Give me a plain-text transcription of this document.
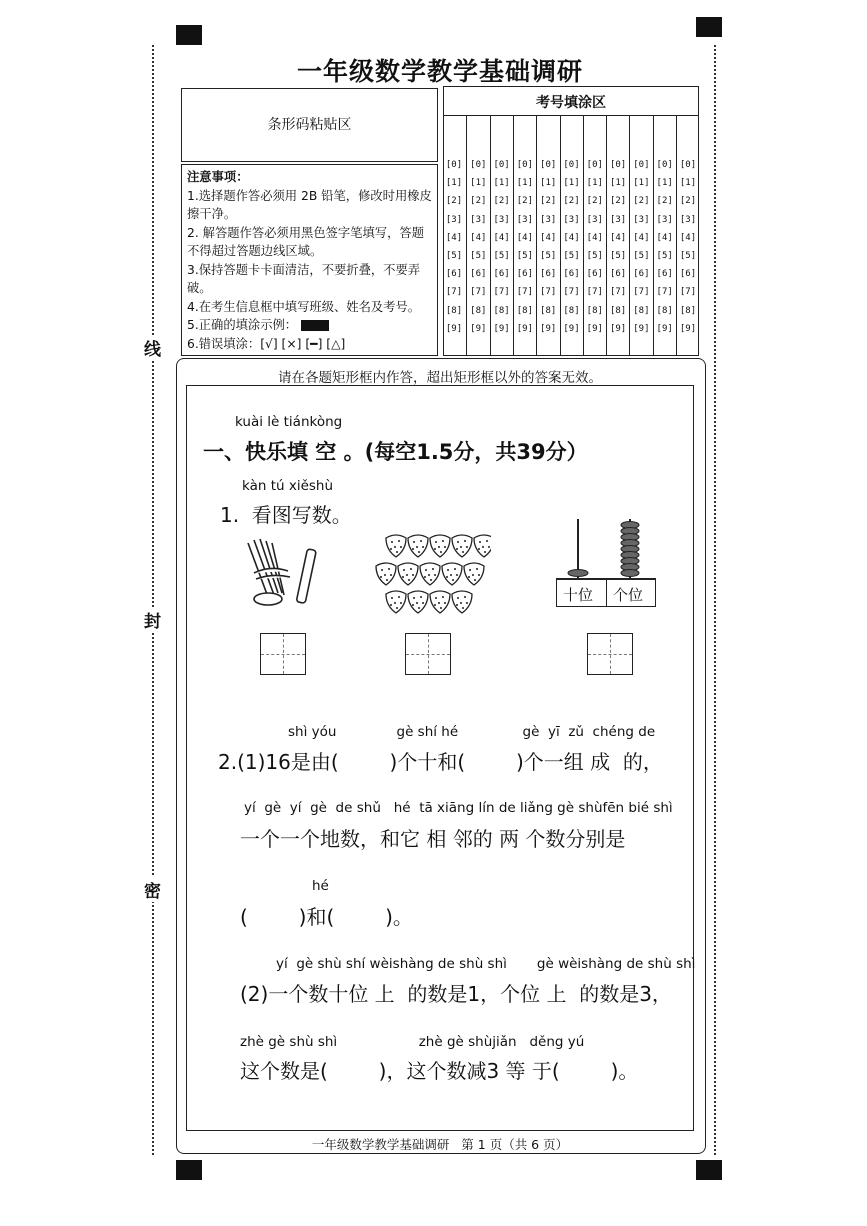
线
封
密
一年级数学教学基础调研
条形码粘贴区
注意事项：
1.选择题作答必须用 2B 铅笔，修改时用橡皮擦干净。
2. 解答题作答必须用黑色签字笔填写，答题不得超过答题边线区域。
3.保持答题卡卡面清洁，不要折叠，不要弄破。
4.在考生信息框中填写班级、姓名及考号。
5.正确的填涂示例：
6.错误填涂：[√] [×] [━] [△]
考号填涂区
[0]
[1]
[2]
[3]
[4]
[5]
[6]
[7]
[8]
[9]
[0]
[1]
[2]
[3]
[4]
[5]
[6]
[7]
[8]
[9]
[0]
[1]
[2]
[3]
[4]
[5]
[6]
[7]
[8]
[9]
[0]
[1]
[2]
[3]
[4]
[5]
[6]
[7]
[8]
[9]
[0]
[1]
[2]
[3]
[4]
[5]
[6]
[7]
[8]
[9]
[0]
[1]
[2]
[3]
[4]
[5]
[6]
[7]
[8]
[9]
[0]
[1]
[2]
[3]
[4]
[5]
[6]
[7]
[8]
[9]
[0]
[1]
[2]
[3]
[4]
[5]
[6]
[7]
[8]
[9]
[0]
[1]
[2]
[3]
[4]
[5]
[6]
[7]
[8]
[9]
[0]
[1]
[2]
[3]
[4]
[5]
[6]
[7]
[8]
[9]
[0]
[1]
[2]
[3]
[4]
[5]
[6]
[7]
[8]
[9]
请在各题矩形框内作答，超出矩形框以外的答案无效。
kuài lè tiánkòng
一、快乐填 空 。(每空1.5分，共39分）
kàn tú xiěshù
1.  看图写数。
十位 个位
shì yóu              gè shí hé               gè  yī  zǔ  chéng de
2.(1)16是由(        )个十和(        )个一组 成  的，
yí  gè  yí  gè  de shǔ   hé  tā xiāng lín de liǎng gè shùfēn bié shì
一个一个地数，和它 相 邻的 两 个数分别是
hé
(        )和(        )。
yí  gè shù shí wèishàng de shù shì       gè wèishàng de shù shì
(2)一个数十位 上  的数是1，个位 上  的数是3，
zhè gè shù shì                   zhè gè shùjiǎn   děng yú
这个数是(        )，这个数减3 等 于(        )。
一年级数学教学基础调研   第 1 页（共 6 页）
